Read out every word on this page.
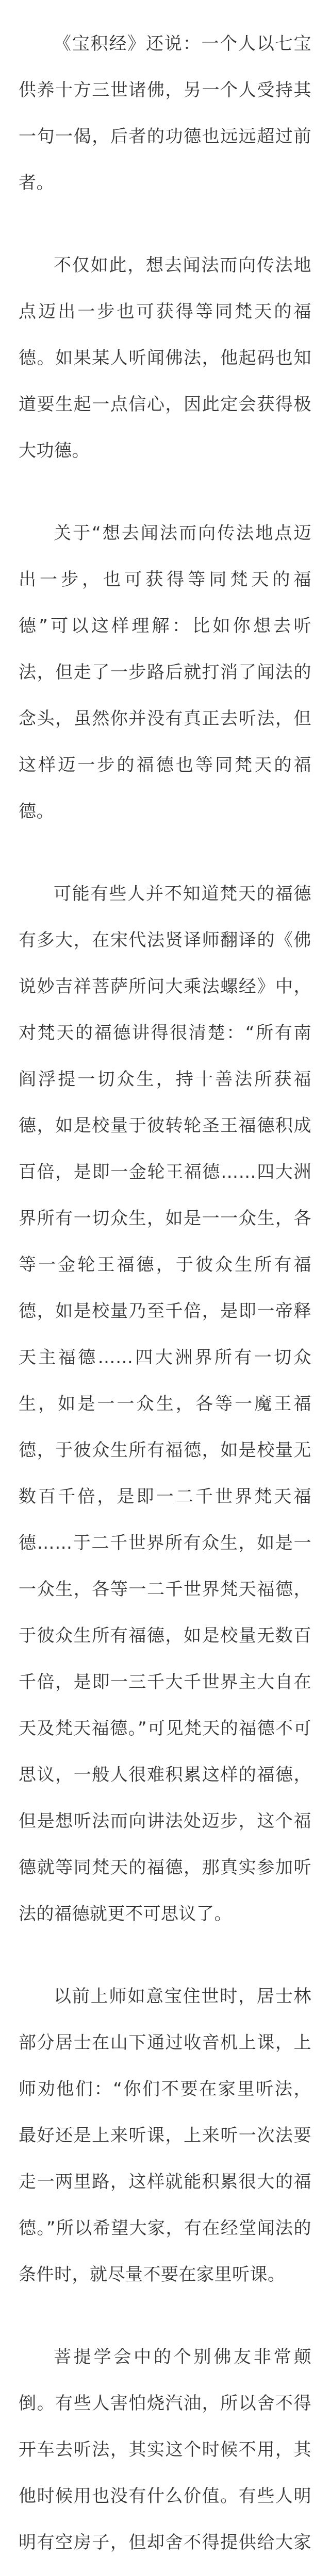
《宝积经》还说：一个人以七宝供养十方三世诸佛，另一个人受持其一句一偈，后者的功德也远远超过前者。

不仅如此，想去闻法而向传法地点迈出一步也可获得等同梵天的福德。如果某人听闻佛法，他起码也知道要生起一点信心，因此定会获得极大功德。

关于“想去闻法而向传法地点迈出一步，也可获得等同梵天的福德”可以这样理解：比如你想去听法，但走了一步路后就打消了闻法的念头，虽然你并没有真正去听法，但这样迈一步的福德也等同梵天的福德。

可能有些人并不知道梵天的福德有多大，在宋代法贤译师翻译的《佛说妙吉祥菩萨所问大乘法螺经》中，对梵天的福德讲得很清楚：“所有南阎浮提一切众生，持十善法所获福德，如是校量于彼转轮圣王福德积成百倍，是即一金轮王福德……四大洲界所有一切众生，如是一一众生，各等一金轮王福德，于彼众生所有福德，如是校量乃至千倍，是即一帝释天主福德……四大洲界所有一切众生，如是一一众生，各等一魔王福德，于彼众生所有福德，如是校量无数百千倍，是即一二千世界梵天福德……于二千世界所有众生，如是一一众生，各等一二千世界梵天福德，于彼众生所有福德，如是校量无数百千倍，是即一三千大千世界主大自在天及梵天福德。”可见梵天的福德不可思议，一般人很难积累这样的福德，但是想听法而向讲法处迈步，这个福德就等同梵天的福德，那真实参加听法的福德就更不可思议了。

以前上师如意宝住世时，居士林部分居士在山下通过收音机上课，上师劝他们：“你们不要在家里听法，最好还是上来听课，上来听一次法要走一两里路，这样就能积累很大的福德。”所以希望大家，有在经堂闻法的条件时，就尽量不要在家里听课。

菩提学会中的个别佛友非常颠倒。有些人害怕烧汽油，所以舍不得开车去听法，其实这个时候不用，其他时候用也没有什么价值。有些人明明有空房子，但却舍不得提供给大家
